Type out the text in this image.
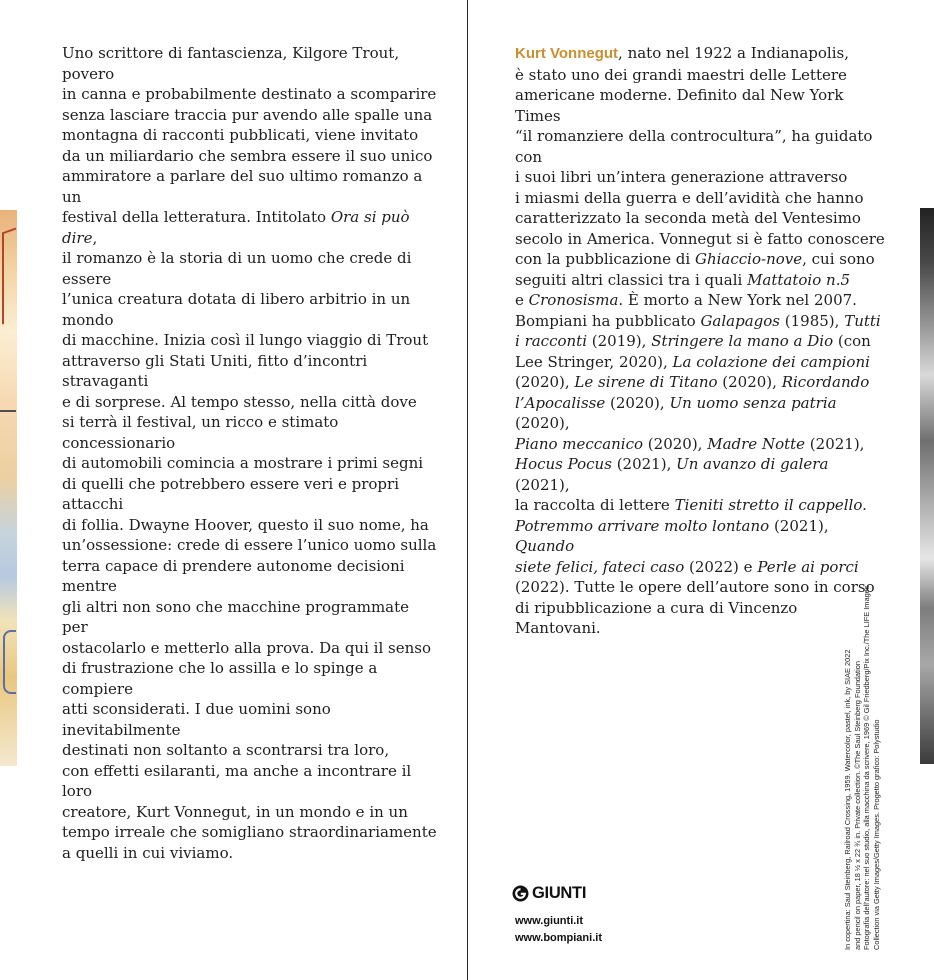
Uno scrittore di fantascienza, Kilgore Trout, povero
in canna e probabilmente destinato a scomparire
senza lasciare traccia pur avendo alle spalle una
montagna di racconti pubblicati, viene invitato
da un miliardario che sembra essere il suo unico
ammiratore a parlare del suo ultimo romanzo a un
festival della letteratura. Intitolato Ora si può dire,
il romanzo è la storia di un uomo che crede di essere
l’unica creatura dotata di libero arbitrio in un mondo
di macchine. Inizia così il lungo viaggio di Trout
attraverso gli Stati Uniti, fitto d’incontri stravaganti
e di sorprese. Al tempo stesso, nella città dove
si terrà il festival, un ricco e stimato concessionario
di automobili comincia a mostrare i primi segni
di quelli che potrebbero essere veri e propri attacchi
di follia. Dwayne Hoover, questo il suo nome, ha
un’ossessione: crede di essere l’unico uomo sulla
terra capace di prendere autonome decisioni mentre
gli altri non sono che macchine programmate per
ostacolarlo e metterlo alla prova. Da qui il senso
di frustrazione che lo assilla e lo spinge a compiere
atti sconsiderati. I due uomini sono inevitabilmente
destinati non soltanto a scontrarsi tra loro,
con effetti esilaranti, ma anche a incontrare il loro
creatore, Kurt Vonnegut, in un mondo e in un
tempo irreale che somigliano straordinariamente
a quelli in cui viviamo.

Kurt Vonnegut, nato nel 1922 a Indianapolis,
è stato uno dei grandi maestri delle Lettere
americane moderne. Definito dal New York Times
“il romanziere della controcultura”, ha guidato con
i suoi libri un’intera generazione attraverso
i miasmi della guerra e dell’avidità che hanno
caratterizzato la seconda metà del Ventesimo
secolo in America. Vonnegut si è fatto conoscere
con la pubblicazione di Ghiaccio-nove, cui sono
seguiti altri classici tra i quali Mattatoio n.5
e Cronosisma. È morto a New York nel 2007.
Bompiani ha pubblicato Galapagos (1985), Tutti
i racconti (2019), Stringere la mano a Dio (con
Lee Stringer, 2020), La colazione dei campioni
(2020), Le sirene di Titano (2020), Ricordando
l’Apocalisse (2020), Un uomo senza patria (2020),
Piano meccanico (2020), Madre Notte (2021),
Hocus Pocus (2021), Un avanzo di galera (2021),
la raccolta di lettere Tieniti stretto il cappello.
Potremmo arrivare molto lontano (2021), Quando
siete felici, fateci caso (2022) e Perle ai porci
(2022). Tutte le opere dell’autore sono in corso
di ripubblicazione a cura di Vincenzo Mantovani.

GIUNTI
www.giunti.it
www.bompiani.it	In copertina: Saul Steinberg, Railroad Crossing, 1959. Watercolor, pastel, ink, by SIAE 2022 and pencil on paper, 18 ½ x 22 ¾ in. Private collection. ©The Saul Steinberg Foundation Fotografia dell’autore: nel suo studio, alla macchina da scrivere, 1969 © Gil Friedberg/Pix Inc./The LIFE Images Collection via Getty Images/Getty Images. Progetto grafico: Polystudio
